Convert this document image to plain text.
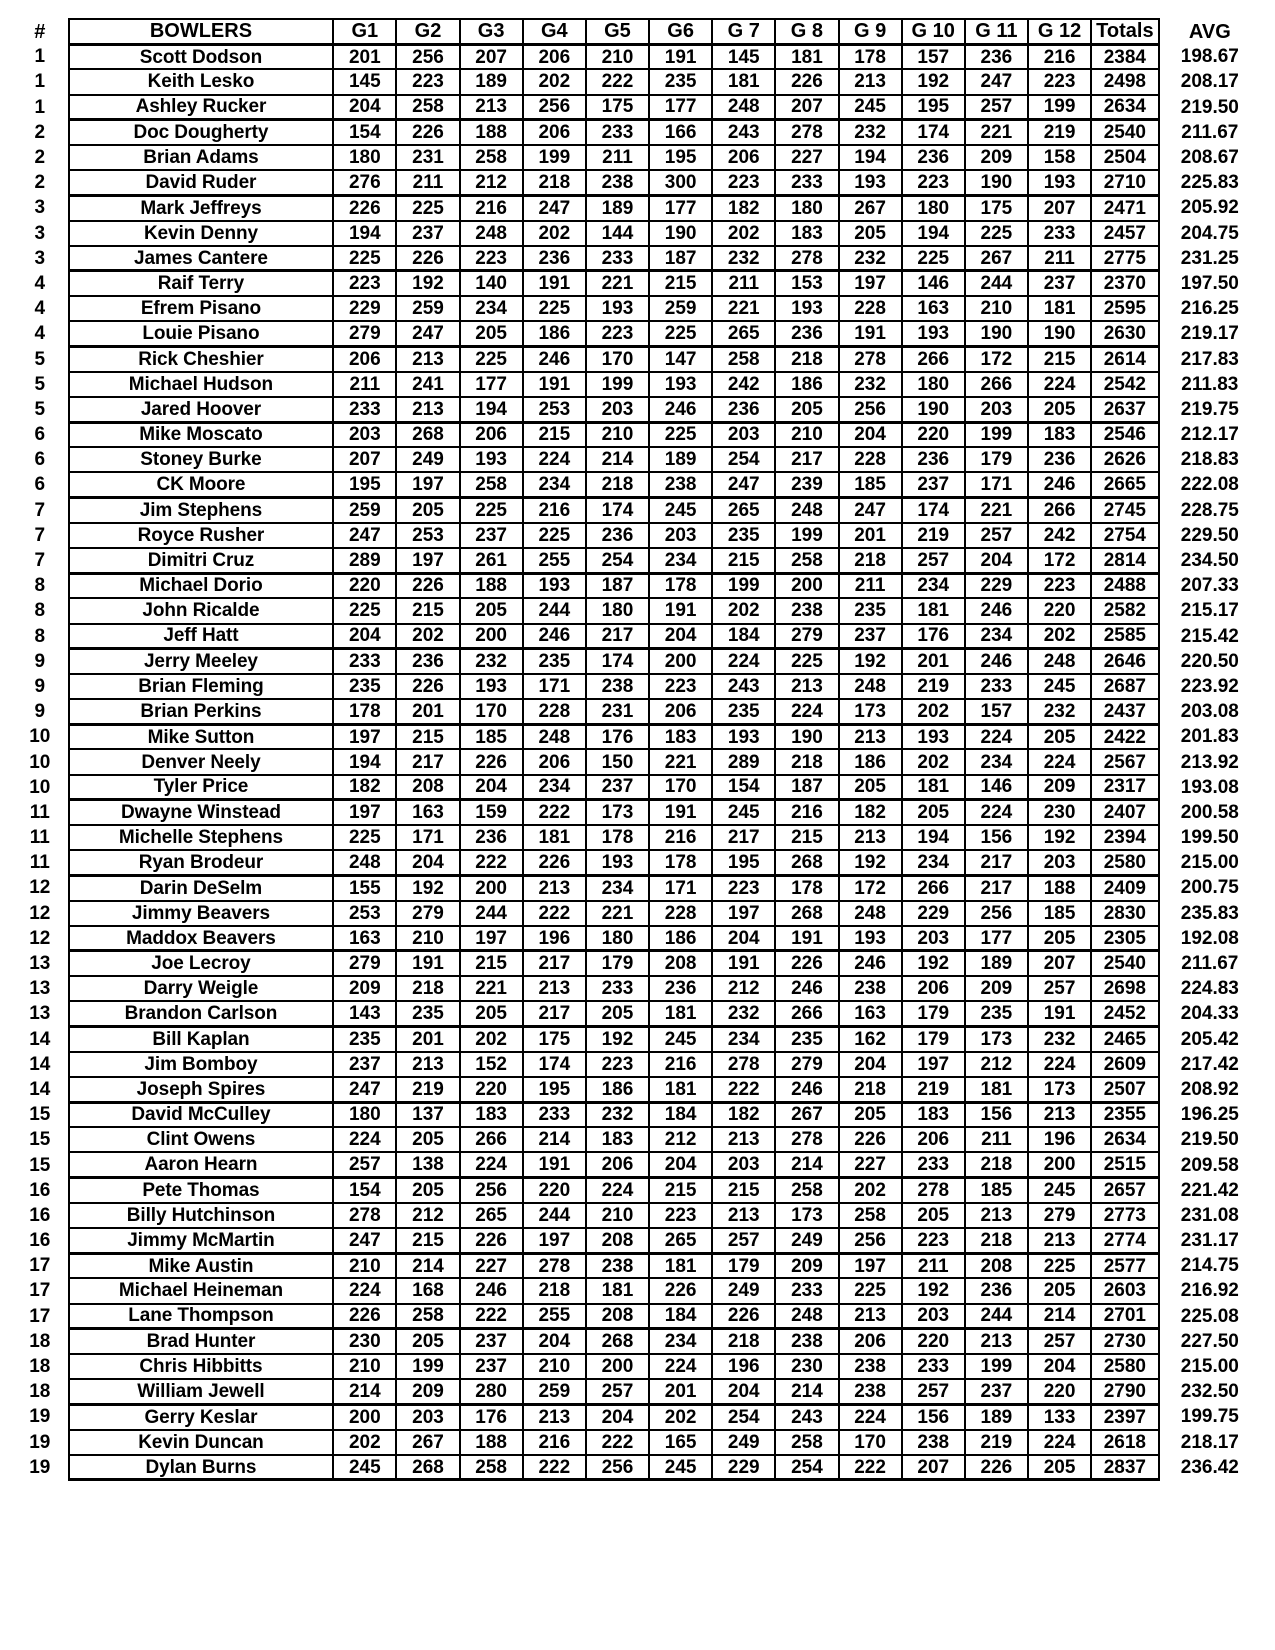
#	BOWLERS	G1	G2	G3	G4	G5	G6	G 7	G 8	G 9	G 10	G 11	G 12	Totals	AVG
1	Scott Dodson	201	256	207	206	210	191	145	181	178	157	236	216	2384	198.67
1	Keith Lesko	145	223	189	202	222	235	181	226	213	192	247	223	2498	208.17
1	Ashley Rucker	204	258	213	256	175	177	248	207	245	195	257	199	2634	219.50
2	Doc Dougherty	154	226	188	206	233	166	243	278	232	174	221	219	2540	211.67
2	Brian Adams	180	231	258	199	211	195	206	227	194	236	209	158	2504	208.67
2	David Ruder	276	211	212	218	238	300	223	233	193	223	190	193	2710	225.83
3	Mark Jeffreys	226	225	216	247	189	177	182	180	267	180	175	207	2471	205.92
3	Kevin Denny	194	237	248	202	144	190	202	183	205	194	225	233	2457	204.75
3	James Cantere	225	226	223	236	233	187	232	278	232	225	267	211	2775	231.25
4	Raif Terry	223	192	140	191	221	215	211	153	197	146	244	237	2370	197.50
4	Efrem Pisano	229	259	234	225	193	259	221	193	228	163	210	181	2595	216.25
4	Louie Pisano	279	247	205	186	223	225	265	236	191	193	190	190	2630	219.17
5	Rick Cheshier	206	213	225	246	170	147	258	218	278	266	172	215	2614	217.83
5	Michael Hudson	211	241	177	191	199	193	242	186	232	180	266	224	2542	211.83
5	Jared Hoover	233	213	194	253	203	246	236	205	256	190	203	205	2637	219.75
6	Mike Moscato	203	268	206	215	210	225	203	210	204	220	199	183	2546	212.17
6	Stoney Burke	207	249	193	224	214	189	254	217	228	236	179	236	2626	218.83
6	CK Moore	195	197	258	234	218	238	247	239	185	237	171	246	2665	222.08
7	Jim Stephens	259	205	225	216	174	245	265	248	247	174	221	266	2745	228.75
7	Royce Rusher	247	253	237	225	236	203	235	199	201	219	257	242	2754	229.50
7	Dimitri Cruz	289	197	261	255	254	234	215	258	218	257	204	172	2814	234.50
8	Michael Dorio	220	226	188	193	187	178	199	200	211	234	229	223	2488	207.33
8	John Ricalde	225	215	205	244	180	191	202	238	235	181	246	220	2582	215.17
8	Jeff Hatt	204	202	200	246	217	204	184	279	237	176	234	202	2585	215.42
9	Jerry Meeley	233	236	232	235	174	200	224	225	192	201	246	248	2646	220.50
9	Brian Fleming	235	226	193	171	238	223	243	213	248	219	233	245	2687	223.92
9	Brian Perkins	178	201	170	228	231	206	235	224	173	202	157	232	2437	203.08
10	Mike Sutton	197	215	185	248	176	183	193	190	213	193	224	205	2422	201.83
10	Denver Neely	194	217	226	206	150	221	289	218	186	202	234	224	2567	213.92
10	Tyler Price	182	208	204	234	237	170	154	187	205	181	146	209	2317	193.08
11	Dwayne Winstead	197	163	159	222	173	191	245	216	182	205	224	230	2407	200.58
11	Michelle Stephens	225	171	236	181	178	216	217	215	213	194	156	192	2394	199.50
11	Ryan Brodeur	248	204	222	226	193	178	195	268	192	234	217	203	2580	215.00
12	Darin DeSelm	155	192	200	213	234	171	223	178	172	266	217	188	2409	200.75
12	Jimmy Beavers	253	279	244	222	221	228	197	268	248	229	256	185	2830	235.83
12	Maddox Beavers	163	210	197	196	180	186	204	191	193	203	177	205	2305	192.08
13	Joe Lecroy	279	191	215	217	179	208	191	226	246	192	189	207	2540	211.67
13	Darry Weigle	209	218	221	213	233	236	212	246	238	206	209	257	2698	224.83
13	Brandon Carlson	143	235	205	217	205	181	232	266	163	179	235	191	2452	204.33
14	Bill Kaplan	235	201	202	175	192	245	234	235	162	179	173	232	2465	205.42
14	Jim Bomboy	237	213	152	174	223	216	278	279	204	197	212	224	2609	217.42
14	Joseph Spires	247	219	220	195	186	181	222	246	218	219	181	173	2507	208.92
15	David McCulley	180	137	183	233	232	184	182	267	205	183	156	213	2355	196.25
15	Clint Owens	224	205	266	214	183	212	213	278	226	206	211	196	2634	219.50
15	Aaron Hearn	257	138	224	191	206	204	203	214	227	233	218	200	2515	209.58
16	Pete Thomas	154	205	256	220	224	215	215	258	202	278	185	245	2657	221.42
16	Billy Hutchinson	278	212	265	244	210	223	213	173	258	205	213	279	2773	231.08
16	Jimmy McMartin	247	215	226	197	208	265	257	249	256	223	218	213	2774	231.17
17	Mike Austin	210	214	227	278	238	181	179	209	197	211	208	225	2577	214.75
17	Michael Heineman	224	168	246	218	181	226	249	233	225	192	236	205	2603	216.92
17	Lane Thompson	226	258	222	255	208	184	226	248	213	203	244	214	2701	225.08
18	Brad Hunter	230	205	237	204	268	234	218	238	206	220	213	257	2730	227.50
18	Chris Hibbitts	210	199	237	210	200	224	196	230	238	233	199	204	2580	215.00
18	William Jewell	214	209	280	259	257	201	204	214	238	257	237	220	2790	232.50
19	Gerry Keslar	200	203	176	213	204	202	254	243	224	156	189	133	2397	199.75
19	Kevin Duncan	202	267	188	216	222	165	249	258	170	238	219	224	2618	218.17
19	Dylan Burns	245	268	258	222	256	245	229	254	222	207	226	205	2837	236.42
